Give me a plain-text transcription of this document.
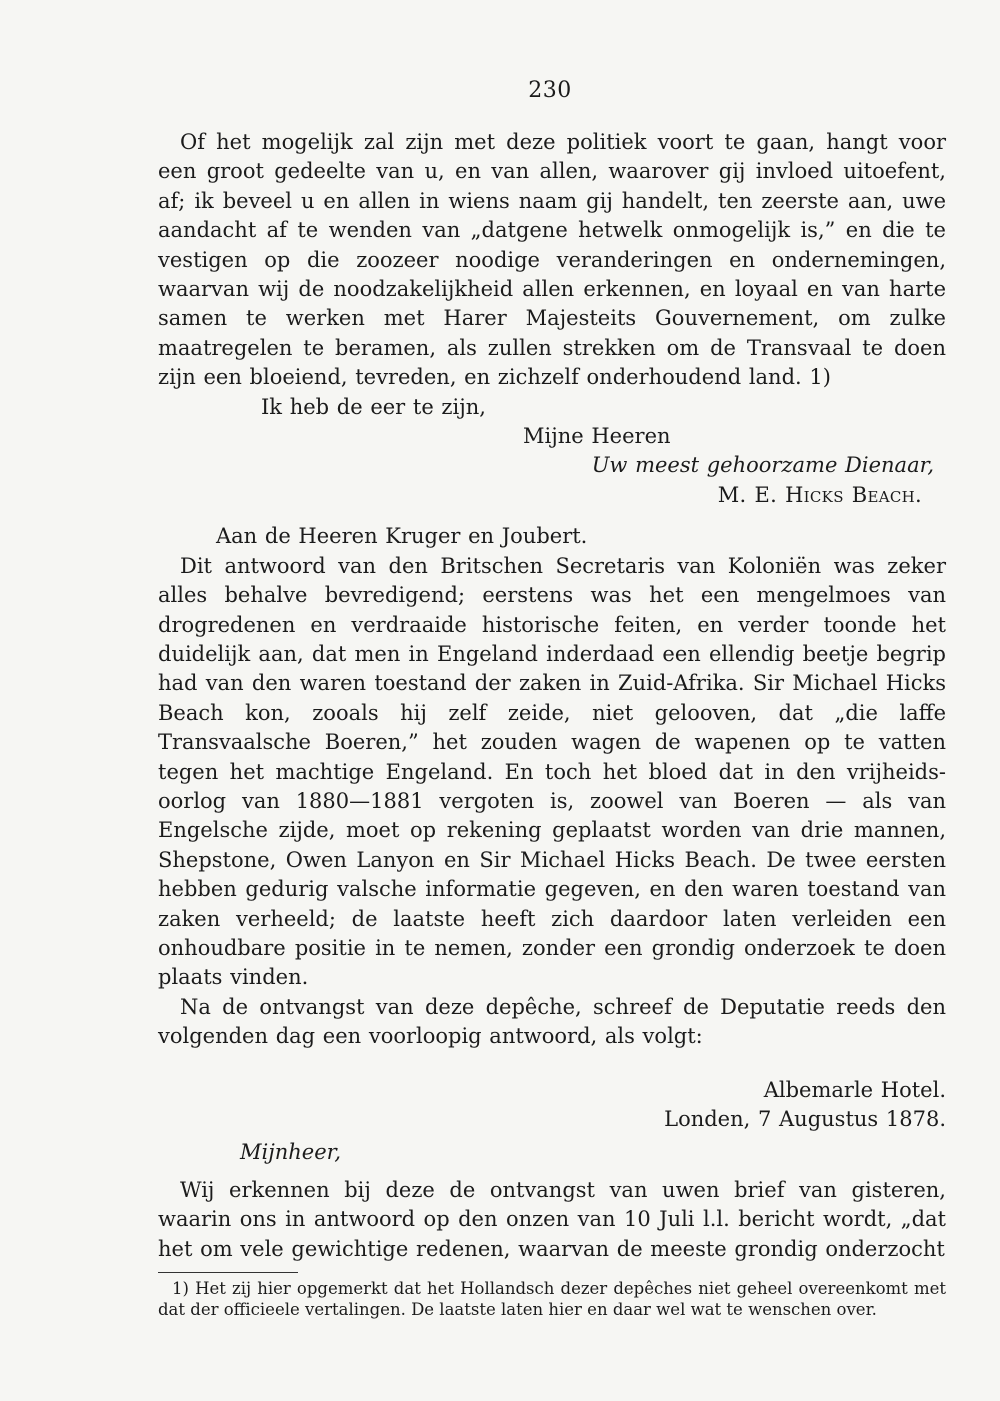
230

Of het mogelijk zal zijn met deze politiek voort te gaan, hangt voor een groot gedeelte van u, en van allen, waarover gij invloed uitoefent, af; ik beveel u en allen in wiens naam gij handelt, ten zeerste aan, uwe aandacht af te wenden van „datgene hetwelk onmogelijk is,” en die te vestigen op die zoozeer noodige veranderingen en ondernemingen, waarvan wij de noodzakelijkheid allen erkennen, en loyaal en van harte samen te werken met Harer Majesteits Gouvernement, om zulke maatregelen te beramen, als zullen strekken om de Transvaal te doen zijn een bloeiend, tevreden, en zichzelf onderhoudend land. 1)

Ik heb de eer te zijn,

Mijne Heeren

Uw meest gehoorzame Dienaar,

M. E. Hicks Beach.

Aan de Heeren Kruger en Joubert.

Dit antwoord van den Britschen Secretaris van Koloniën was zeker alles behalve bevredigend; eerstens was het een mengelmoes van drogredenen en verdraaide historische feiten, en verder toonde het duidelijk aan, dat men in Engeland inderdaad een ellendig beetje begrip had van den waren toestand der zaken in Zuid-Afrika. Sir Michael Hicks Beach kon, zooals hij zelf zeide, niet gelooven, dat „die laffe Transvaalsche Boeren,” het zouden wagen de wapenen op te vatten tegen het machtige Engeland. En toch het bloed dat in den vrijheids-oorlog van 1880—1881 vergoten is, zoowel van Boeren — als van Engelsche zijde, moet op rekening geplaatst worden van drie mannen, Shepstone, Owen Lanyon en Sir Michael Hicks Beach. De twee eersten hebben gedurig valsche informatie gegeven, en den waren toestand van zaken verheeld; de laatste heeft zich daardoor laten verleiden een onhoudbare positie in te nemen, zonder een grondig onderzoek te doen plaats vinden.

Na de ontvangst van deze depêche, schreef de Deputatie reeds den volgenden dag een voorloopig antwoord, als volgt:

Albemarle Hotel.

Londen, 7 Augustus 1878.

Mijnheer,

Wij erkennen bij deze de ontvangst van uwen brief van gisteren, waarin ons in antwoord op den onzen van 10 Juli l.l. bericht wordt, „dat het om vele gewichtige redenen, waarvan de meeste grondig onderzocht

1) Het zij hier opgemerkt dat het Hollandsch dezer depêches niet geheel overeenkomt met dat der officieele vertalingen. De laatste laten hier en daar wel wat te wenschen over.
